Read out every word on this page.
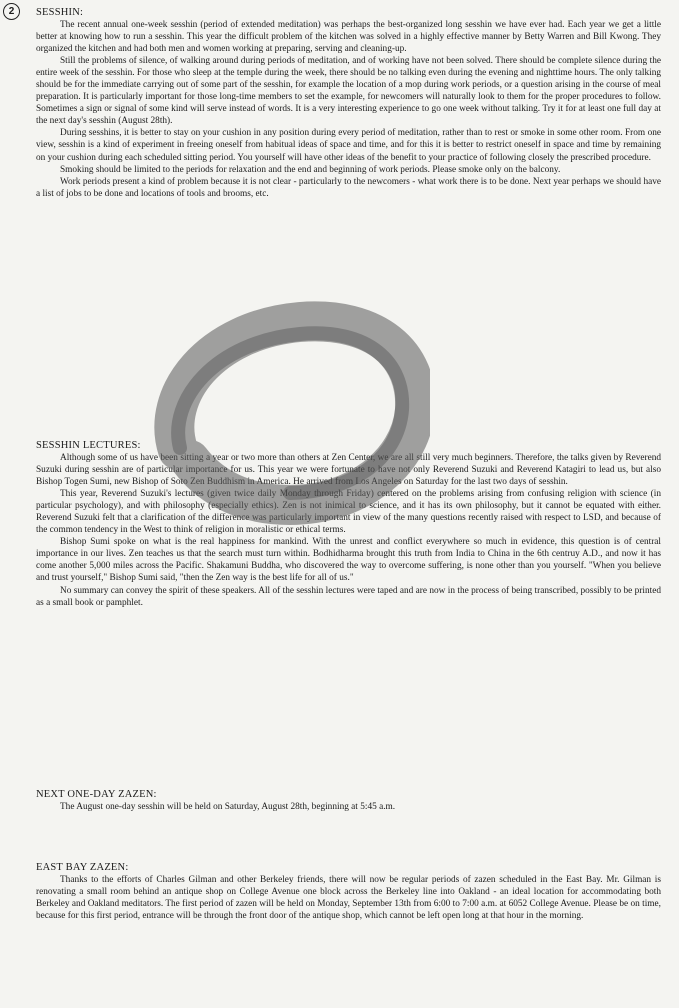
2	SESSHIN:

The recent annual one-week sesshin (period of extended meditation) was perhaps the best-organized long sesshin we have ever had. Each year we get a little better at knowing how to run a sesshin. This year the difficult problem of the kitchen was solved in a highly effective manner by Betty Warren and Bill Kwong. They organized the kitchen and had both men and women working at preparing, serving and cleaning-up.

Still the problems of silence, of walking around during periods of meditation, and of working have not been solved. There should be complete silence during the entire week of the sesshin. For those who sleep at the temple during the week, there should be no talking even during the evening and nighttime hours. The only talking should be for the immediate carrying out of some part of the sesshin, for example the location of a mop during work periods, or a question arising in the course of meal preparation. It is particularly important for those long-time members to set the example, for newcomers will naturally look to them for the proper procedures to follow. Sometimes a sign or signal of some kind will serve instead of words. It is a very interesting experience to go one week without talking. Try it for at least one full day at the next day's sesshin (August 28th).

During sesshins, it is better to stay on your cushion in any position during every period of meditation, rather than to rest or smoke in some other room. From one view, sesshin is a kind of experiment in freeing oneself from habitual ideas of space and time, and for this it is better to restrict oneself in space and time by remaining on your cushion during each scheduled sitting period. You yourself will have other ideas of the benefit to your practice of following closely the prescribed procedure.

Smoking should be limited to the periods for relaxation and the end and beginning of work periods. Please smoke only on the balcony.

Work periods present a kind of problem because it is not clear - particularly to the newcomers - what work there is to be done. Next year perhaps we should have a list of jobs to be done and locations of tools and brooms, etc.

SESSHIN LECTURES:

Although some of us have been sitting a year or two more than others at Zen Center, we are all still very much beginners. Therefore, the talks given by Reverend Suzuki during sesshin are of particular importance for us. This year we were fortunate to have not only Reverend Suzuki and Reverend Katagiri to lead us, but also Bishop Togen Sumi, new Bishop of Soto Zen Buddhism in America. He arrived from Los Angeles on Saturday for the last two days of sesshin.

This year, Reverend Suzuki's lectures (given twice daily Monday through Friday) centered on the problems arising from confusing religion with science (in particular psychology), and with philosophy (especially ethics). Zen is not inimical to science, and it has its own philosophy, but it cannot be equated with either. Reverend Suzuki felt that a clarification of the difference was particularly important in view of the many questions recently raised with respect to LSD, and because of the common tendency in the West to think of religion in moralistic or ethical terms.

Bishop Sumi spoke on what is the real happiness for mankind. With the unrest and conflict everywhere so much in evidence, this question is of central importance in our lives. Zen teaches us that the search must turn within. Bodhidharma brought this truth from India to China in the 6th centruy A.D., and now it has come another 5,000 miles across the Pacific. Shakamuni Buddha, who discovered the way to overcome suffering, is none other than you yourself. "When you believe and trust yourself," Bishop Sumi said, "then the Zen way is the best life for all of us."

No summary can convey the spirit of these speakers. All of the sesshin lectures were taped and are now in the process of being transcribed, possibly to be printed as a small book or pamphlet.

NEXT ONE-DAY ZAZEN:

The August one-day sesshin will be held on Saturday, August 28th, beginning at 5:45 a.m.

EAST BAY ZAZEN:

Thanks to the efforts of Charles Gilman and other Berkeley friends, there will now be regular periods of zazen scheduled in the East Bay. Mr. Gilman is renovating a small room behind an antique shop on College Avenue one block across the Berkeley line into Oakland - an ideal location for accommodating both Berkeley and Oakland meditators. The first period of zazen will be held on Monday, September 13th from 6:00 to 7:00 a.m. at 6052 College Avenue. Please be on time, because for this first period, entrance will be through the front door of the antique shop, which cannot be left open long at that hour in the morning.
